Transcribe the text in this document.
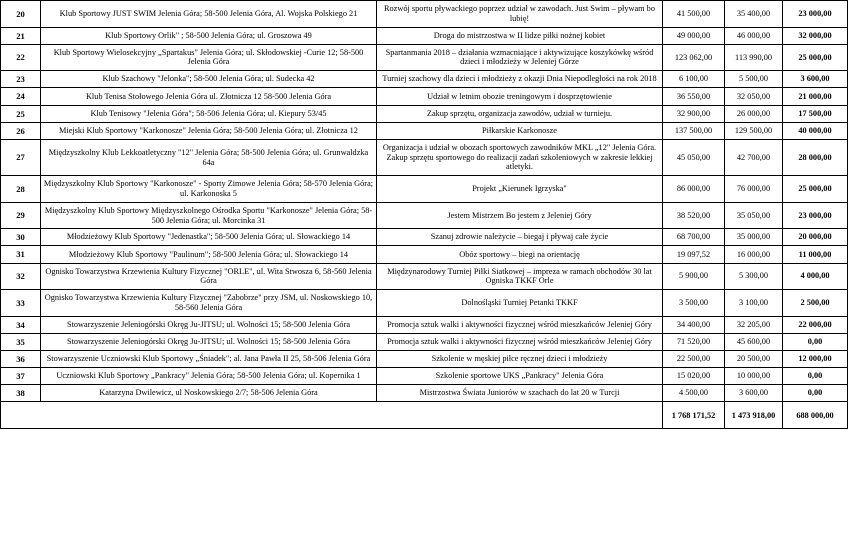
20	Klub Sportowy JUST SWIM Jelenia Góra; 58-500 Jelenia Góra, Al. Wojska Polskiego 21	Rozwój sportu pływackiego poprzez udział w zawodach. Just Swim – pływam bo lubię!	41 500,00	35 400,00	23 000,00
21	Klub Sportowy Orlik" ; 58-500 Jelenia Góra; ul. Groszowa 49	Droga do mistrzostwa w II lidze piłki nożnej kobiet	49 000,00	46 000,00	32 000,00
22	Klub Sportowy Wielosekcyjny „Spartakus" Jelenia Góra; ul. Skłodowskiej -Curie 12; 58-500 Jelenia Góra	Spartanmania 2018 – działania wzmacniające i aktywizujące koszykówkę wśród dzieci i młodzieży w Jeleniej Górze	123 062,00	113 990,00	25 000,00
23	Klub Szachowy "Jelonka"; 58-500 Jelenia Góra; ul. Sudecka 42	Turniej szachowy dla dzieci i młodzieży z okazji Dnia Niepodległości na rok 2018	6 100,00	5 500,00	3 600,00
24	Klub Tenisa Stołowego Jelenia Góra ul. Złotnicza 12 58-500 Jelenia Góra	Udział w letnim obozie treningowym i dosprzętowienie	36 550,00	32 050,00	21 000,00
25	Klub Tenisowy "Jelenia Góra"; 58-506 Jelenia Góra; ul. Kiepury 53/45	Zakup sprzętu, organizacja zawodów, udział w turnieju.	32 900,00	26 000,00	17 500,00
26	Miejski Klub Sportowy "Karkonosze" Jelenia Góra; 58-500 Jelenia Góra; ul. Złotnicza 12	Piłkarskie Karkonosze	137 500,00	129 500,00	40 000,00
27	Międzyszkolny Klub Lekkoatletyczny "12" Jelenia Góra; 58-500 Jelenia Góra; ul. Grunwaldzka 64a	Organizacja i udział w obozach sportowych zawodników MKL „12" Jelenia Góra. Zakup sprzętu sportowego do realizacji zadań szkoleniowych w zakresie lekkiej atletyki.	45 050,00	42 700,00	28 000,00
28	Międzyszkolny Klub Sportowy "Karkonosze" - Sporty Zimowe Jelenia Góra; 58-570 Jelenia Góra; ul. Karkonoska 5	Projekt „Kierunek Igrzyska"	86 000,00	76 000,00	25 000,00
29	Międzyszkolny Klub Sportowy Międzyszkolnego Ośrodka Sportu "Karkonosze" Jelenia Góra; 58-500 Jelenia Góra; ul. Morcinka 31	Jestem Mistrzem Bo jestem z Jeleniej Góry	38 520,00	35 050,00	23 000,00
30	Młodzieżowy Klub Sportowy "Jedenastka"; 58-500 Jelenia Góra; ul. Słowackiego 14	Szanuj zdrowie należycie – biegaj i pływaj całe życie	68 700,00	35 000,00	20 000,00
31	Młodzieżowy Klub Sportowy "Paulinum"; 58-500 Jelenia Góra; ul. Słowackiego 14	Obóz sportowy – biegi na orientację	19 097,52	16 000,00	11 000,00
32	Ognisko Towarzystwa Krzewienia Kultury Fizycznej "ORLE", ul. Wita Stwosza 6, 58-560 Jelenia Góra	Międzynarodowy Turniej Piłki Siatkowej – impreza w ramach obchodów 30 lat Ogniska TKKF Orle	5 900,00	5 300,00	4 000,00
33	Ognisko Towarzystwa Krzewienia Kultury Fizycznej "Zabobrze" przy JSM, ul. Noskowskiego 10, 58-560 Jelenia Góra	Dolnośląski Turniej Petanki TKKF	3 500,00	3 100,00	2 500,00
34	Stowarzyszenie Jeleniogórski Okręg Ju-JITSU; ul. Wolności 15; 58-500 Jelenia Góra	Promocja sztuk walki i aktywności fizycznej wśród mieszkańców Jeleniej Góry	34 400,00	32 205,00	22 000,00
35	Stowarzyszenie Jeleniogórski Okręg Ju-JITSU; ul. Wolności 15; 58-500 Jelenia Góra	Promocja sztuk walki i aktywności fizycznej wśród mieszkańców Jeleniej Góry	71 520,00	45 600,00	0,00
36	Stowarzyszenie Uczniowski Klub Sportowy „Śniadek"; al. Jana Pawła II 25, 58-506 Jelenia Góra	Szkolenie w męskiej piłce ręcznej dzieci i młodzieży	22 500,00	20 500,00	12 000,00
37	Uczniowski Klub Sportowy „Pankracy" Jelenia Góra; 58-500 Jelenia Góra; ul. Kopernika 1	Szkolenie sportowe UKS „Pankracy" Jelenia Góra	15 020,00	10 000,00	0,00
38	Katarzyna Dwilewicz, ul Noskowskiego 2/7; 58-506 Jelenia Góra	Mistrzostwa Świata Juniorów w szachach do lat 20 w Turcji	4 500,00	3 600,00	0,00
			1 768 171,52	1 473 918,00	688 000,00
